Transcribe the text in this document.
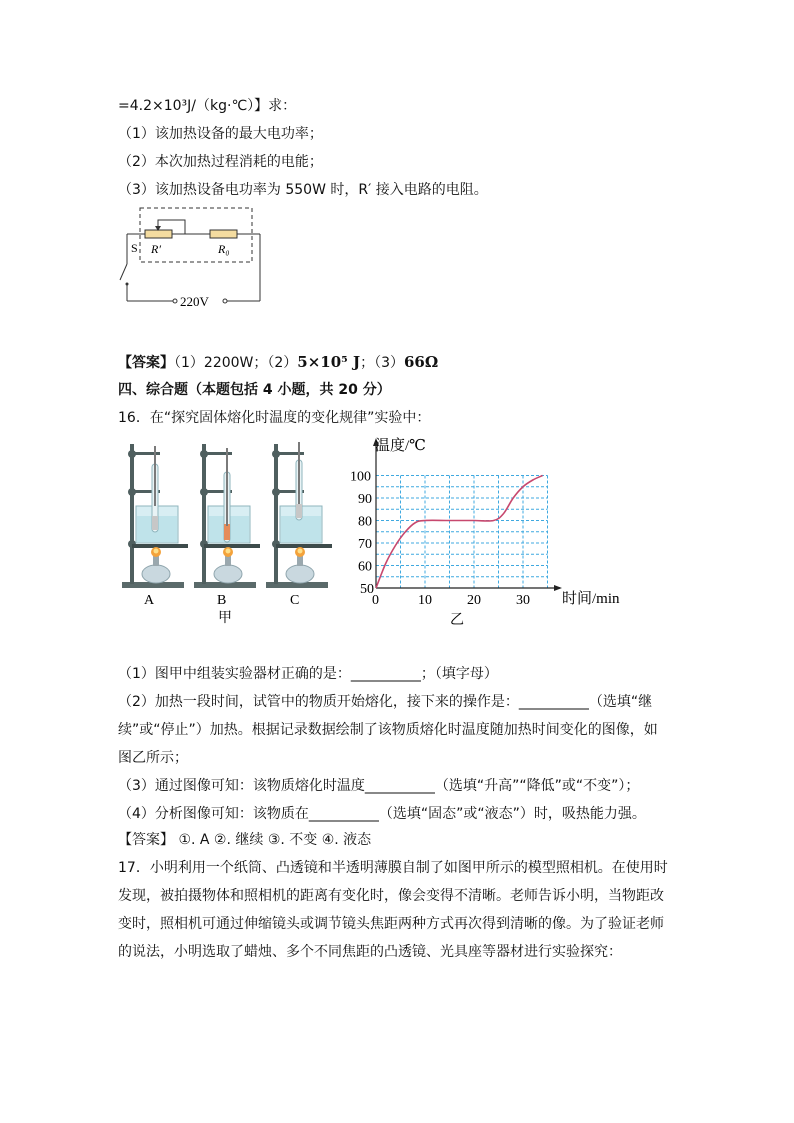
=4.2×10³J/（kg·℃）】求：
（1）该加热设备的最大电功率；
（2）本次加热过程消耗的电能；
（3）该加热设备电功率为 550W 时，R′ 接入电路的电阻。
R′	R₀
S
220V
【答案】（1）2200W；（2）5×10⁵ J；（3）66Ω
四、综合题（本题包括 4 小题，共 20 分）
16．在“探究固体熔化时温度的变化规律”实验中：
A	B	C
甲
0	10	20	30
50
60
70
80
90
100
温度/℃
时间/min
乙
（1）图甲中组装实验器材正确的是：__________；（填字母）
（2）加热一段时间，试管中的物质开始熔化，接下来的操作是：__________（选填“继
续”或“停止”）加热。根据记录数据绘制了该物质熔化时温度随加热时间变化的图像，如
图乙所示；
（3）通过图像可知：该物质熔化时温度__________（选填“升高”“降低”或“不变”）；
（4）分析图像可知：该物质在__________（选填“固态”或“液态”）时，吸热能力强。
【答案】 ①. A ②. 继续 ③. 不变 ④. 液态
17．小明利用一个纸筒、凸透镜和半透明薄膜自制了如图甲所示的模型照相机。在使用时
发现，被拍摄物体和照相机的距离有变化时，像会变得不清晰。老师告诉小明，当物距改
变时，照相机可通过伸缩镜头或调节镜头焦距两种方式再次得到清晰的像。为了验证老师
的说法，小明选取了蜡烛、多个不同焦距的凸透镜、光具座等器材进行实验探究：
